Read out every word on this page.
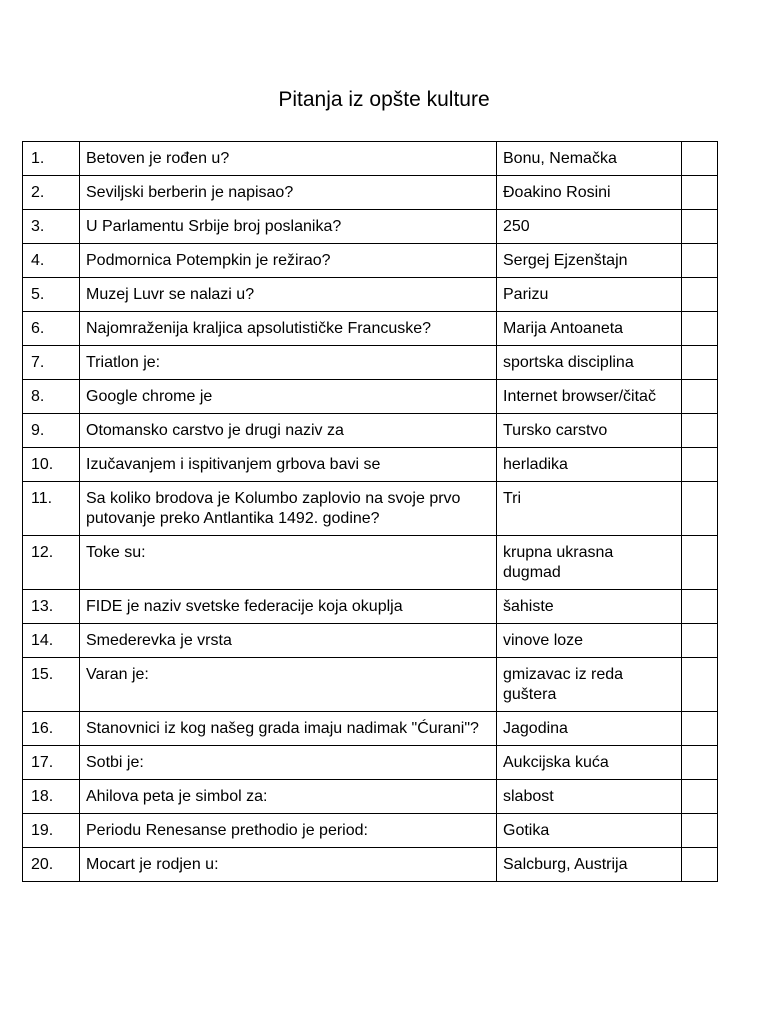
Pitanja iz opšte kulture
1.	Betoven je rođen u?	Bonu, Nemačka	
2.	Seviljski berberin je napisao?	Đoakino Rosini	
3.	U Parlamentu Srbije broj poslanika?	250	
4.	Podmornica Potempkin je režirao?	Sergej Ejzenštajn	
5.	Muzej Luvr se nalazi u?	Parizu	
6.	Najomraženija kraljica apsolutističke Francuske?	Marija Antoaneta	
7.	Triatlon je:	sportska disciplina	
8.	Google chrome je	Internet browser/čitač	
9.	Otomansko carstvo je drugi naziv za	Tursko carstvo	
10.	Izučavanjem i ispitivanjem grbova bavi se	herladika	
11.	Sa koliko brodova je Kolumbo zaplovio na svoje prvo putovanje preko Antlantika 1492. godine?	Tri	
12.	Toke su:	krupna ukrasna dugmad	
13.	FIDE je naziv svetske federacije koja okuplja	šahiste	
14.	Smederevka je vrsta	vinove loze	
15.	Varan je:	gmizavac iz reda guštera	
16.	Stanovnici iz kog našeg grada imaju nadimak "Ćurani"?	Jagodina	
17.	Sotbi je:	Aukcijska kuća	
18.	Ahilova peta je simbol za:	slabost	
19.	Periodu Renesanse prethodio je period:	Gotika	
20.	Mocart je rodjen u:	Salcburg, Austrija	
